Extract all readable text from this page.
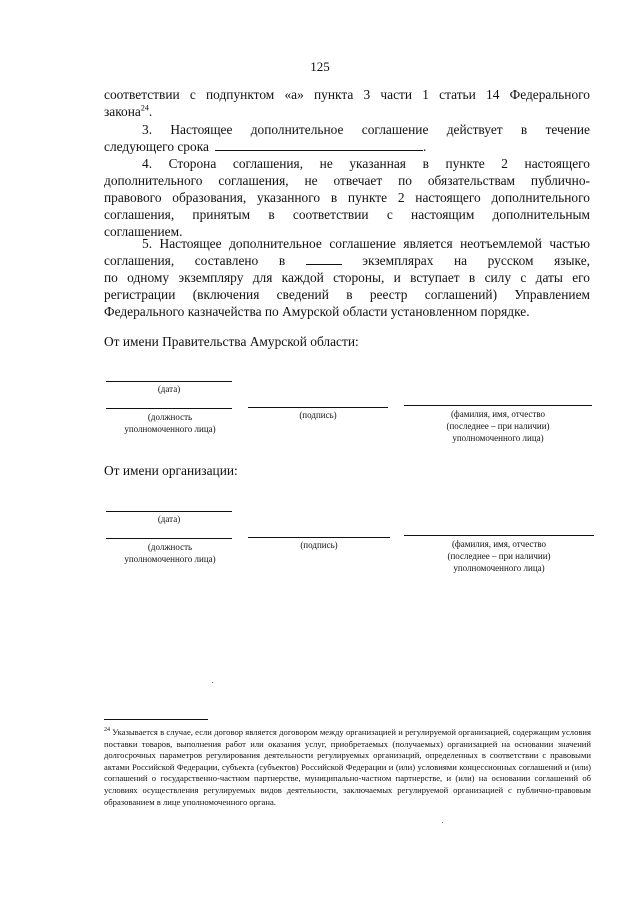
125
соответствии с подпунктом «а» пункта 3 части 1 статьи 14 Федерального
закона$^{24}$.
3. Настоящее дополнительное соглашение действует в течение
следующего срока	.
4. Сторона соглашения, не указанная в пункте 2 настоящего
дополнительного соглашения, не отвечает по обязательствам публично-
правового образования, указанного в пункте 2 настоящего дополнительного
соглашения, принятым в соответствии с настоящим дополнительным
соглашением.
5. Настоящее дополнительное соглашение является неотъемлемой частью
соглашения, составлено в	экземплярах на русском языке,
по одному экземпляру для каждой стороны, и вступает в силу с даты его
регистрации (включения сведений в реестр соглашений) Управлением
Федерального казначейства по Амурской области установленном порядке.
От имени Правительства Амурской области:
(дата)
(должность
уполномоченного лица)
(подпись)	(фамилия, имя, отчество
(последнее – при наличии)
уполномоченного лица)
От имени организации:
(дата)
(должность
уполномоченного лица)
(подпись)	(фамилия, имя, отчество
(последнее – при наличии)
уполномоченного лица)
$^{24}$ Указывается в случае, если договор является договором между организацией и регулируемой организацией, содержащим условия поставки товаров, выполнения работ или оказания услуг, приобретаемых (получаемых) организацией на основании значений долгосрочных параметров регулирования деятельности регулируемых организаций, определенных в соответствии с правовыми актами Российской Федерации, субъекта (субъектов) Российской Федерации и (или) условиями концессионных соглашений и (или) соглашений о государственно-частном партнерстве, муниципально-частном партнерстве, и (или) на основании соглашений об условиях осуществления регулируемых видов деятельности, заключаемых регулируемой организацией с публично-правовым образованием в лице уполномоченного органа.
